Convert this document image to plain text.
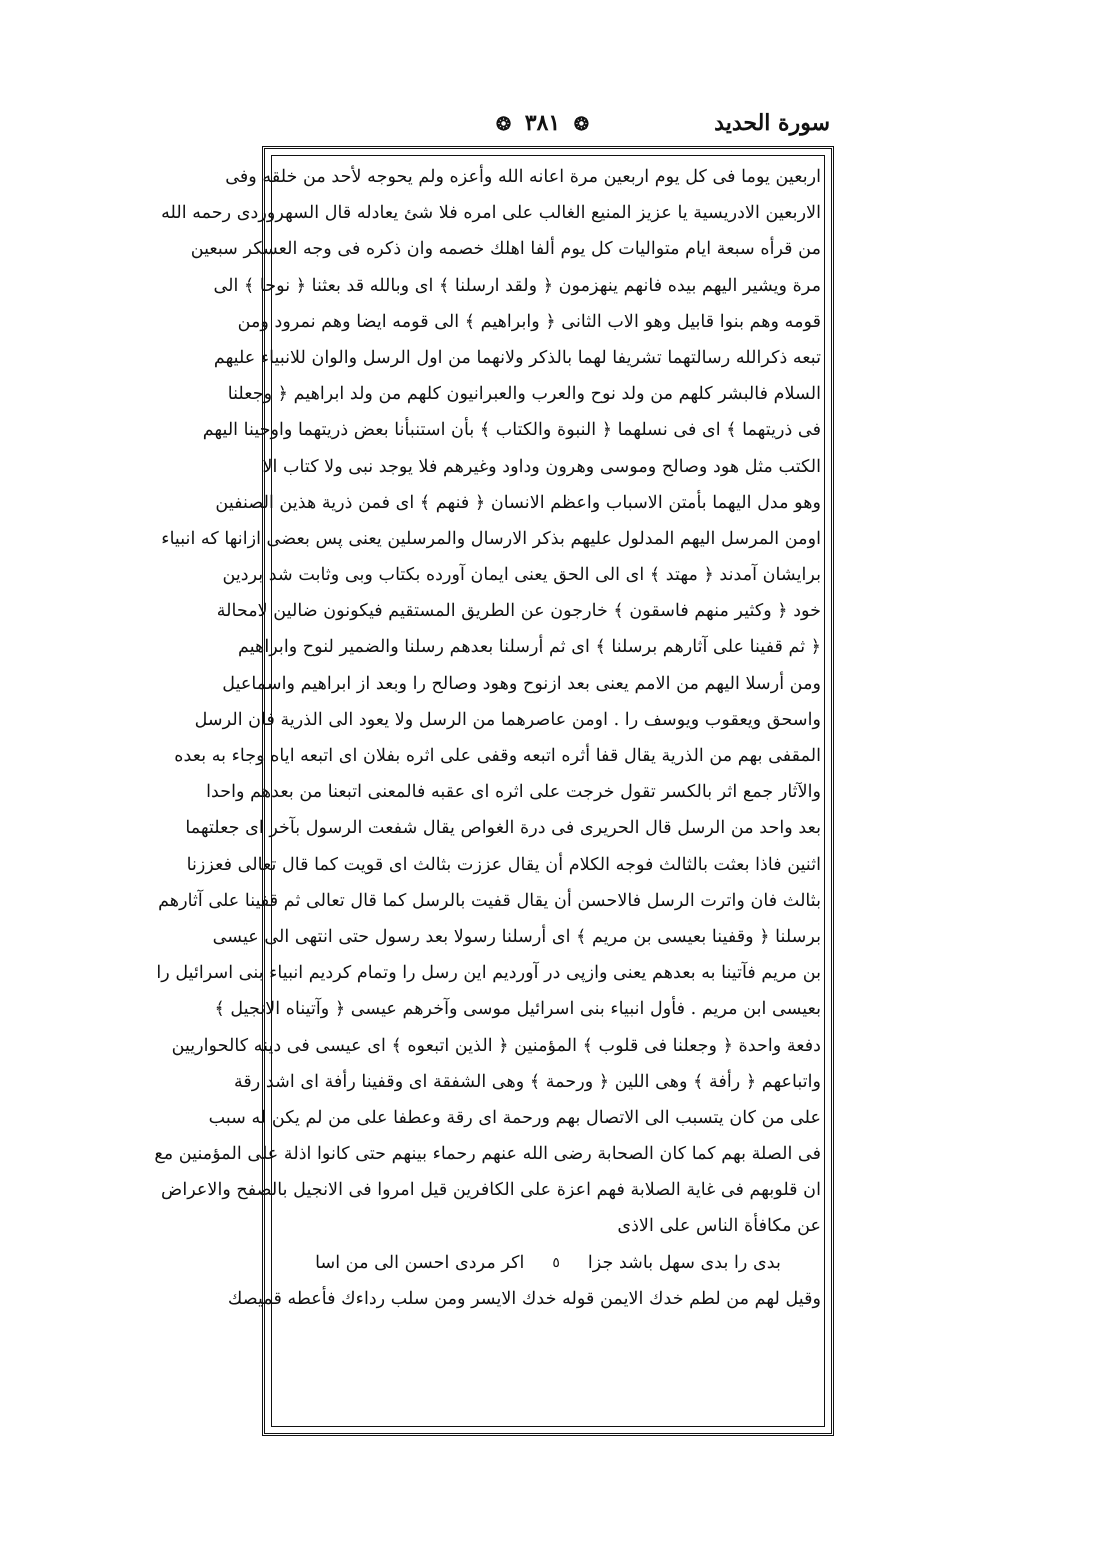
سورة الحديد
❂ ٣٨١ ❂
اربعين يوما فى كل يوم اربعين مرة اعانه الله وأعزه ولم يحوجه لأحد من خلقه وفى
الاربعين الادريسية يا عزيز المنيع الغالب على امره فلا شئ يعادله قال السهروردى رحمه الله
من قرأه سبعة ايام متواليات كل يوم ألفا اهلك خصمه وان ذكره فى وجه العسكر سبعين
مرة ويشير اليهم بيده فانهم ينهزمون ﴿ ولقد ارسلنا ﴾ اى وبالله قد بعثنا ﴿ نوحا ﴾ الى
قومه وهم بنوا قابيل وهو الاب الثانى ﴿ وابراهيم ﴾ الى قومه ايضا وهم نمرود ومن
تبعه ذكرالله رسالتهما تشريفا لهما بالذكر ولانهما من اول الرسل والوان للانبياء عليهم
السلام فالبشر كلهم من ولد نوح والعرب والعبرانيون كلهم من ولد ابراهيم ﴿ وجعلنا
فى ذريتهما ﴾ اى فى نسلهما ﴿ النبوة والكتاب ﴾ بأن استنبأنا بعض ذريتهما واوحينا اليهم
الكتب مثل هود وصالح وموسى وهرون وداود وغيرهم فلا يوجد نبى ولا كتاب الا
وهو مدل اليهما بأمتن الاسباب واعظم الانسان ﴿ فنهم ﴾ اى فمن ذرية هذين الصنفين
اومن المرسل اليهم المدلول عليهم بذكر الارسال والمرسلين يعنى پس بعضى ازانها كه انبياء
برايشان آمدند ﴿ مهتد ﴾ اى الى الحق يعنى ايمان آورده بكتاب وبى وثابت شد بردين
خود ﴿ وكثير منهم فاسقون ﴾ خارجون عن الطريق المستقيم فيكونون ضالين لامحالة
﴿ ثم قفينا على آثارهم برسلنا ﴾ اى ثم أرسلنا بعدهم رسلنا والضمير لنوح وابراهيم
ومن أرسلا اليهم من الامم يعنى بعد ازنوح وهود وصالح را وبعد از ابراهيم واسماعيل
واسحق ويعقوب ويوسف را . اومن عاصرهما من الرسل ولا يعود الى الذرية فان الرسل
المقفى بهم من الذرية يقال قفا أثره اتبعه وقفى على اثره بفلان اى اتبعه اياه وجاء به بعده
والآثار جمع اثر بالكسر تقول خرجت على اثره اى عقبه فالمعنى اتبعنا من بعدهم واحدا
بعد واحد من الرسل قال الحريرى فى درة الغواص يقال شفعت الرسول بآخر اى جعلتهما
اثنين فاذا بعثت بالثالث فوجه الكلام أن يقال عززت بثالث اى قويت كما قال تعالى فعززنا
بثالث فان واترت الرسل فالاحسن أن يقال قفيت بالرسل كما قال تعالى ثم قفينا على آثارهم
برسلنا ﴿ وقفينا بعيسى بن مريم ﴾ اى أرسلنا رسولا بعد رسول حتى انتهى الى عيسى
بن مريم فآتينا به بعدهم يعنى وازپى در آورديم اين رسل را وتمام كرديم انبياء بنى اسرائيل را
بعيسى ابن مريم . فأول انبياء بنى اسرائيل موسى وآخرهم عيسى ﴿ وآتيناه الانجيل ﴾
دفعة واحدة ﴿ وجعلنا فى قلوب ﴾ المؤمنين ﴿ الذين اتبعوه ﴾ اى عيسى فى دينه كالحواريين
واتباعهم ﴿ رأفة ﴾ وهى اللين ﴿ ورحمة ﴾ وهى الشفقة اى وقفينا رأفة اى اشد رقة
على من كان يتسبب الى الاتصال بهم ورحمة اى رقة وعطفا على من لم يكن له سبب
فى الصلة بهم كما كان الصحابة رضى الله عنهم رحماء بينهم حتى كانوا اذلة على المؤمنين مع
ان قلوبهم فى غاية الصلابة فهم اعزة على الكافرين قيل امروا فى الانجيل بالصفح والاعراض
عن مكافأة الناس على الاذى
بدى را بدى سهل باشد جزا
٥
اكر مردى احسن الى من اسا
وقيل لهم من لطم خدك الايمن قوله خدك الايسر ومن سلب رداءك فأعطه قميصك
